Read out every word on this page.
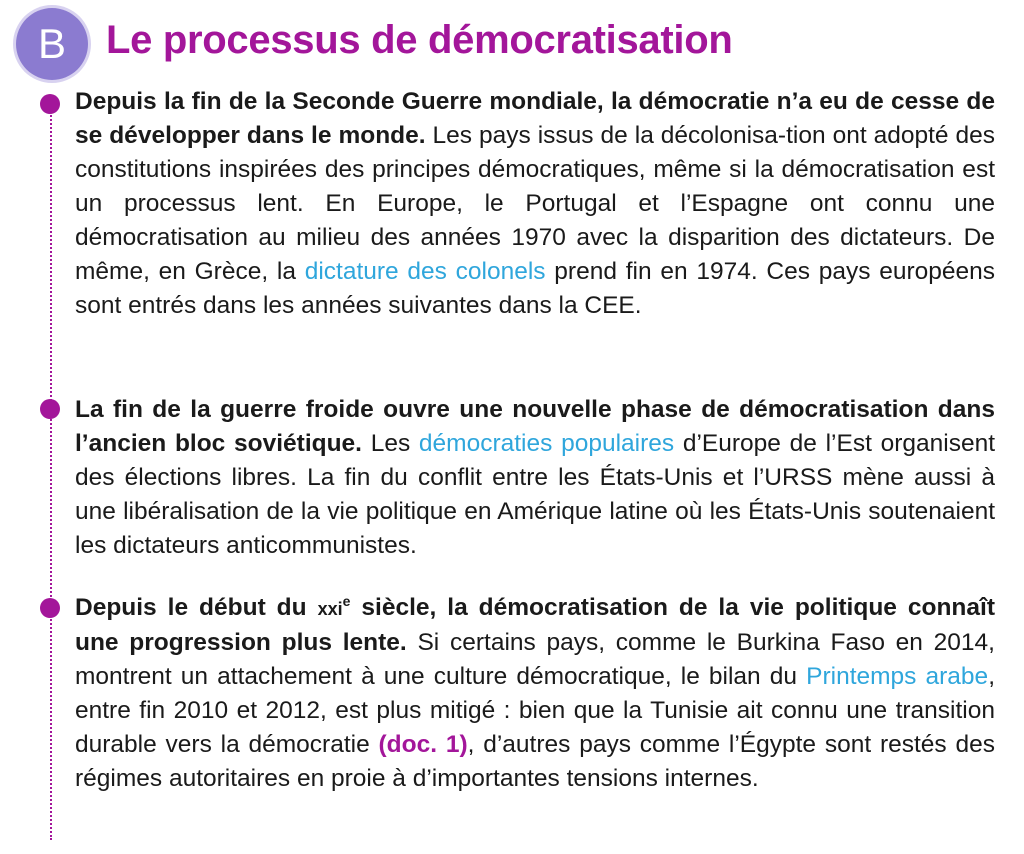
B	Le processus de démocratisation

Depuis la fin de la Seconde Guerre mondiale, la démocratie n’a eu de cesse de se développer dans le monde. Les pays issus de la décolonisa-tion ont adopté des constitutions inspirées des principes démocratiques, même si la démocratisation est un processus lent. En Europe, le Portugal et l’Espagne ont connu une démocratisation au milieu des années 1970 avec la disparition des dictateurs. De même, en Grèce, la dictature des colonels prend fin en 1974. Ces pays européens sont entrés dans les années suivantes dans la CEE.

La fin de la guerre froide ouvre une nouvelle phase de démocratisation dans l’ancien bloc soviétique. Les démocraties populaires d’Europe de l’Est organisent des élections libres. La fin du conflit entre les États-Unis et l’URSS mène aussi à une libéralisation de la vie politique en Amérique latine où les États-Unis soutenaient les dictateurs anticommunistes.

Depuis le début du xxi$^e$ siècle, la démocratisation de la vie politique connaît une progression plus lente. Si certains pays, comme le Burkina Faso en 2014, montrent un attachement à une culture démocratique, le bilan du Printemps arabe, entre fin 2010 et 2012, est plus mitigé : bien que la Tunisie ait connu une transition durable vers la démocratie (doc. 1), d’autres pays comme l’Égypte sont restés des régimes autoritaires en proie à d’importantes tensions internes.
